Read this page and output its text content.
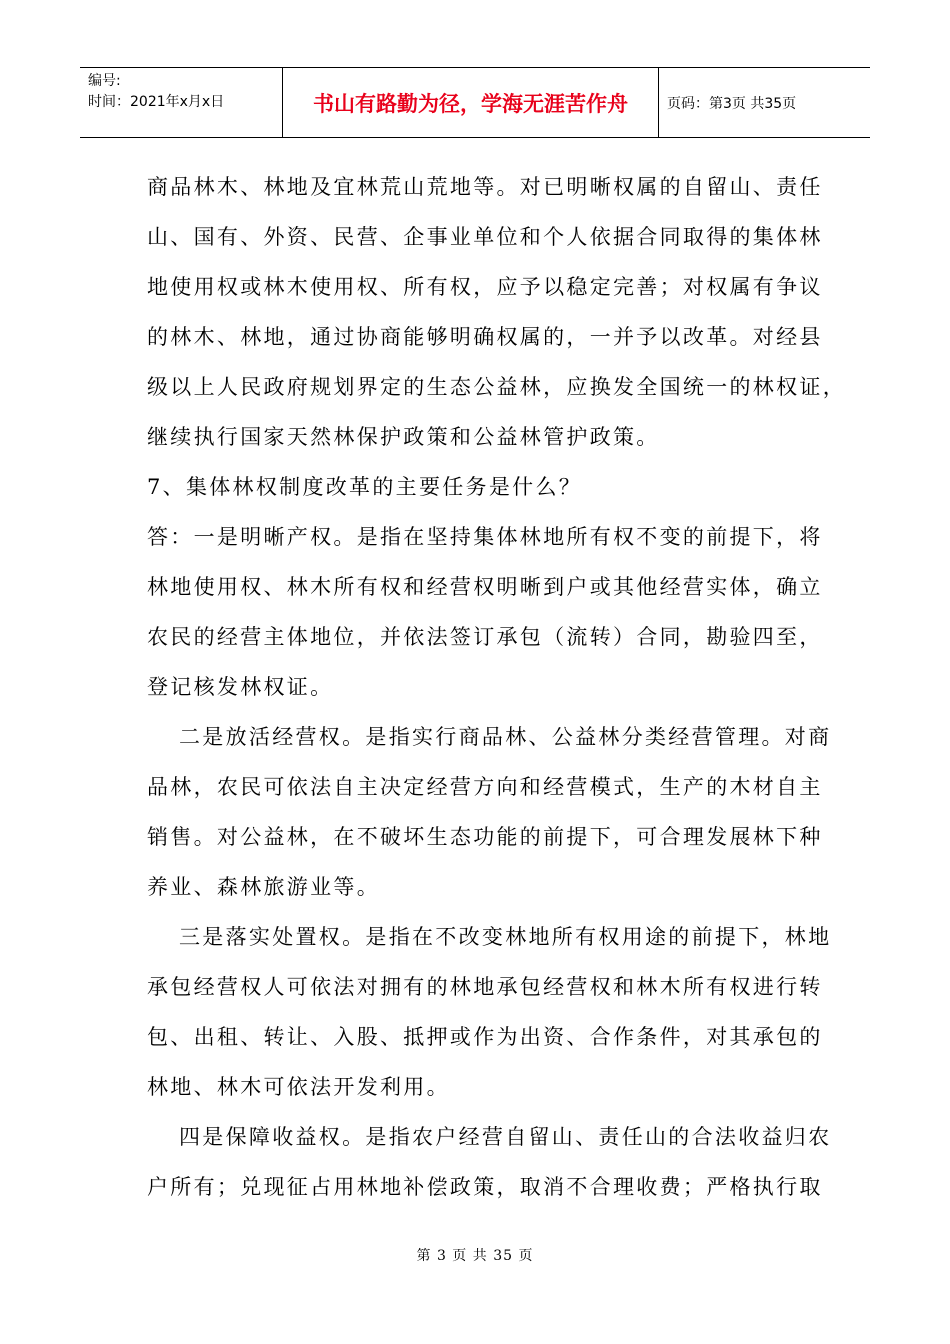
编号:
时间：2021年x月x日	书山有路勤为径，学海无涯苦作舟	页码：第3页 共35页
商品林木、林地及宜林荒山荒地等。对已明晰权属的自留山、责任
山、国有、外资、民营、企事业单位和个人依据合同取得的集体林
地使用权或林木使用权、所有权，应予以稳定完善；对权属有争议
的林木、林地，通过协商能够明确权属的，一并予以改革。对经县
级以上人民政府规划界定的生态公益林，应换发全国统一的林权证，
继续执行国家天然林保护政策和公益林管护政策。
7、集体林权制度改革的主要任务是什么？
答：一是明晰产权。是指在坚持集体林地所有权不变的前提下，将
林地使用权、林木所有权和经营权明晰到户或其他经营实体，确立
农民的经营主体地位，并依法签订承包（流转）合同，勘验四至，
登记核发林权证。
二是放活经营权。是指实行商品林、公益林分类经营管理。对商
品林，农民可依法自主决定经营方向和经营模式，生产的木材自主
销售。对公益林，在不破坏生态功能的前提下，可合理发展林下种
养业、森林旅游业等。
三是落实处置权。是指在不改变林地所有权用途的前提下，林地
承包经营权人可依法对拥有的林地承包经营权和林木所有权进行转
包、出租、转让、入股、抵押或作为出资、合作条件，对其承包的
林地、林木可依法开发利用。
四是保障收益权。是指农户经营自留山、责任山的合法收益归农
户所有；兑现征占用林地补偿政策，取消不合理收费；严格执行取
第 3 页 共 35 页
